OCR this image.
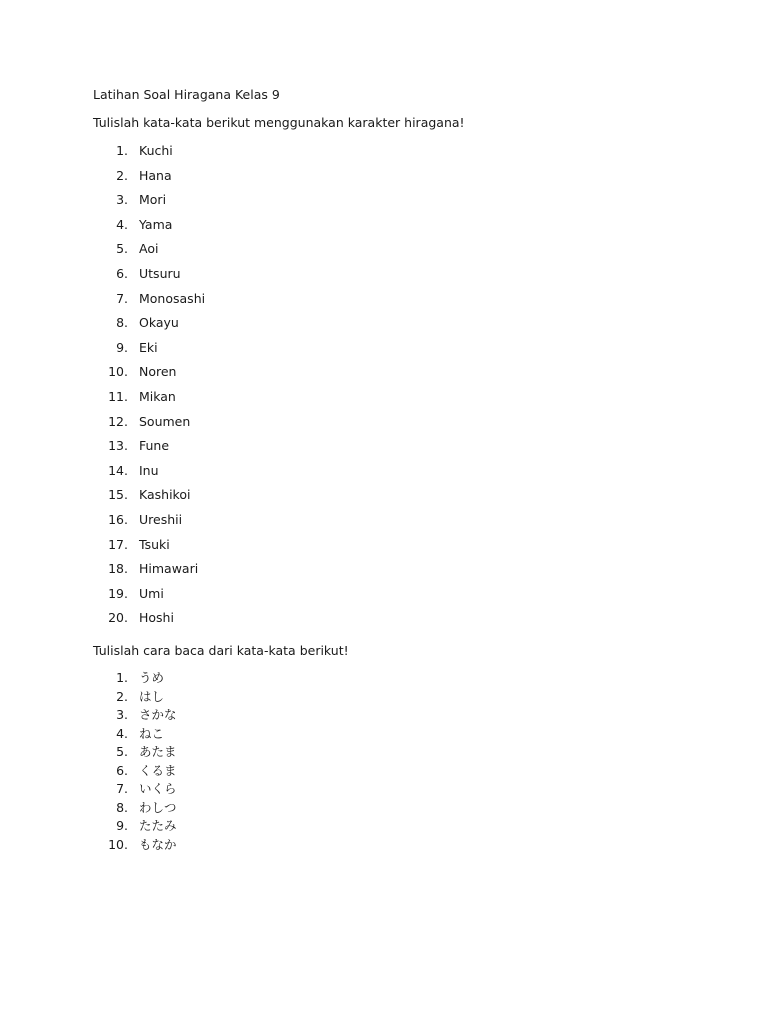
Latihan Soal Hiragana Kelas 9

Tulislah kata-kata berikut menggunakan karakter hiragana!

1. Kuchi
2. Hana
3. Mori
4. Yama
5. Aoi
6. Utsuru
7. Monosashi
8. Okayu
9. Eki
10. Noren
11. Mikan
12. Soumen
13. Fune
14. Inu
15. Kashikoi
16. Ureshii
17. Tsuki
18. Himawari
19. Umi
20. Hoshi

Tulislah cara baca dari kata-kata berikut!

1. うめ
2. はし
3. さかな
4. ねこ
5. あたま
6. くるま
7. いくら
8. わしつ
9. たたみ
10. もなか
